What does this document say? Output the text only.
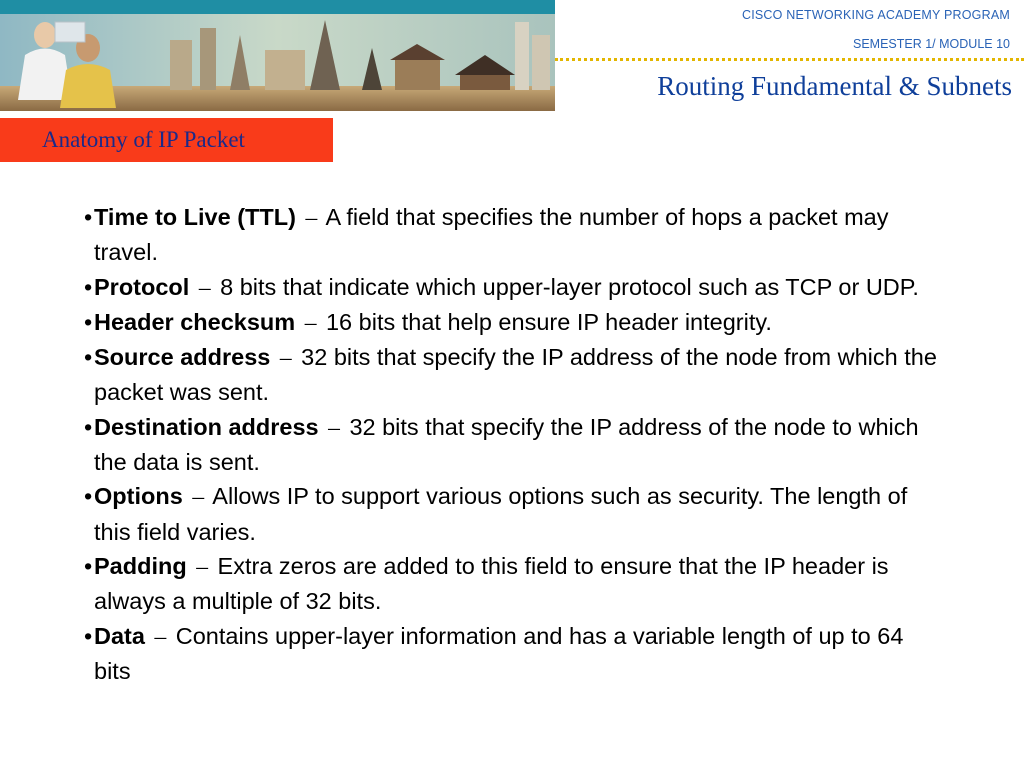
CISCO NETWORKING ACADEMY PROGRAM
SEMESTER 1/ MODULE 10
Routing Fundamental & Subnets
Anatomy of IP Packet
• Time to Live (TTL) – A field that specifies the number of hops a packet may travel.
• Protocol – 8 bits that indicate which upper-layer protocol such as TCP or UDP.
• Header checksum – 16 bits that help ensure IP header integrity.
• Source address – 32 bits that specify the IP address of the node from which the packet was sent.
• Destination address – 32 bits that specify the IP address of the node to which the data is sent.
• Options – Allows IP to support various options such as security. The length of this field varies.
• Padding – Extra zeros are added to this field to ensure that the IP header is always a multiple of 32 bits.
• Data – Contains upper-layer information and has a variable length of up to 64 bits
